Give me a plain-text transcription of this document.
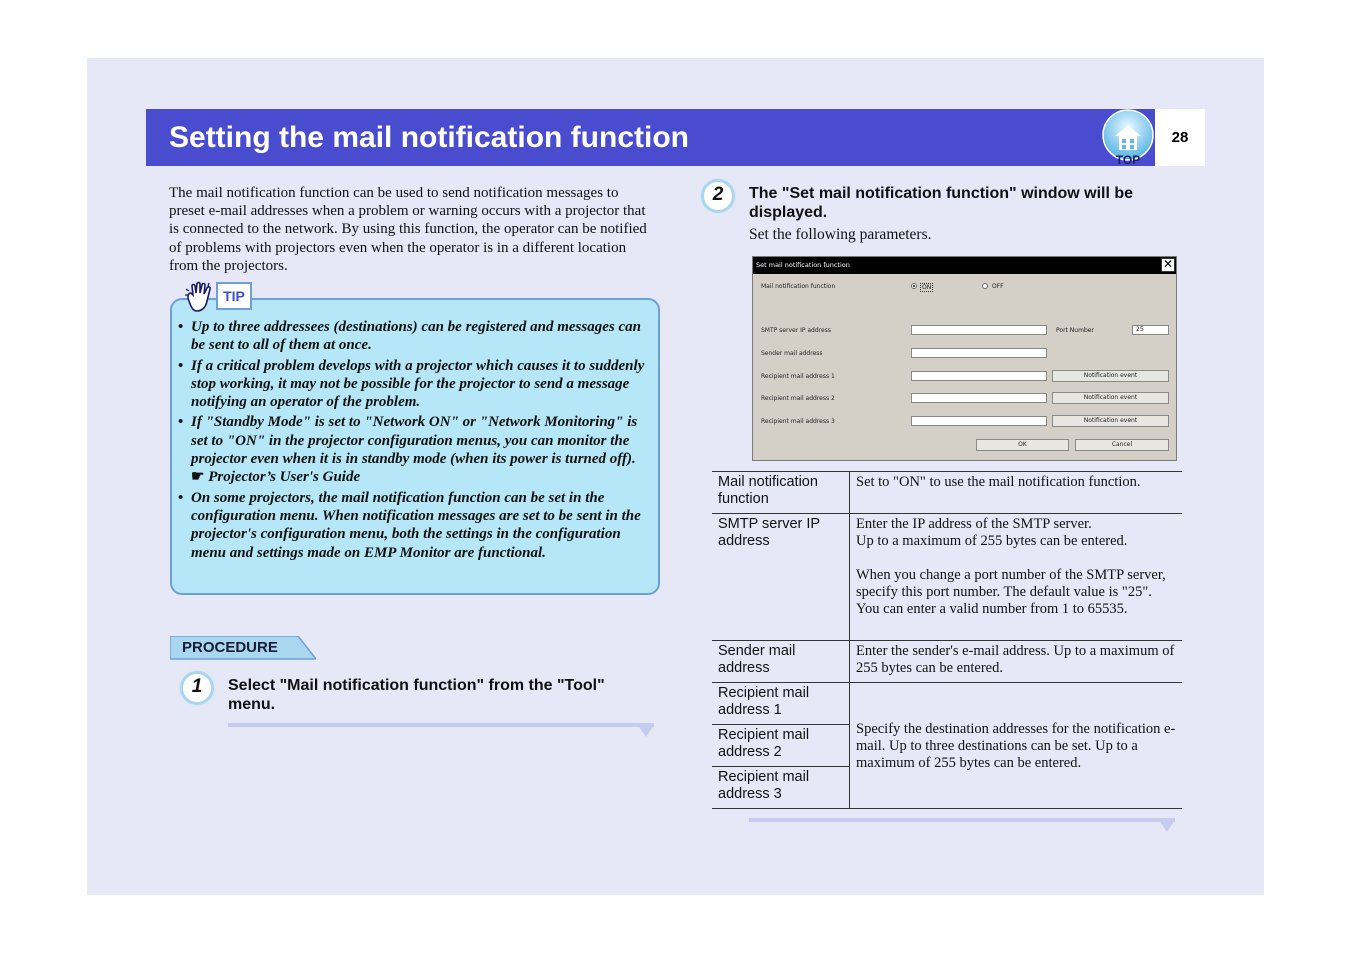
Setting the mail notification function
TOP
28

The mail notification function can be used to send notification messages to preset e-mail addresses when a problem or warning occurs with a projector that is connected to the network. By using this function, the operator can be notified of problems with projectors even when the operator is in a different location from the projectors.

TIP
• Up to three addressees (destinations) can be registered and messages can be sent to all of them at once.
• If a critical problem develops with a projector which causes it to suddenly stop working, it may not be possible for the projector to send a message notifying an operator of the problem.
• If "Standby Mode" is set to "Network ON" or "Network Monitoring" is set to "ON" in the projector configuration menus, you can monitor the projector even when it is in standby mode (when its power is turned off). ☛ Projector’s User's Guide
• On some projectors, the mail notification function can be set in the configuration menu. When notification messages are set to be sent in the projector's configuration menu, both the settings in the configuration menu and settings made on EMP Monitor are functional.
PROCEDURE
1	Select "Mail notification function" from the "Tool" menu.

2	The "Set mail notification function" window will be displayed.

Set the following parameters.

Set mail notification function	✕
Mail notification function	ON	OFF
SMTP server IP address	Port Number	25
Sender mail address
Recipient mail address 1	Notification event
Recipient mail address 2	Notification event
Recipient mail address 3	Notification event
OK	Cancel
Mail notification function	Set to "ON" to use the mail notification function.
SMTP server IP address	Enter the IP address of the SMTP server.
Up to a maximum of 255 bytes can be entered.
When you change a port number of the SMTP server, specify this port number. The default value is "25".
You can enter a valid number from 1 to 65535.

Sender mail address	Enter the sender's e-mail address. Up to a maximum of 255 bytes can be entered.
Recipient mail address 1	Specify the destination addresses for the notification e-mail. Up to three destinations can be set. Up to a maximum of 255 bytes can be entered.
Recipient mail address 2	
Recipient mail address 3	
